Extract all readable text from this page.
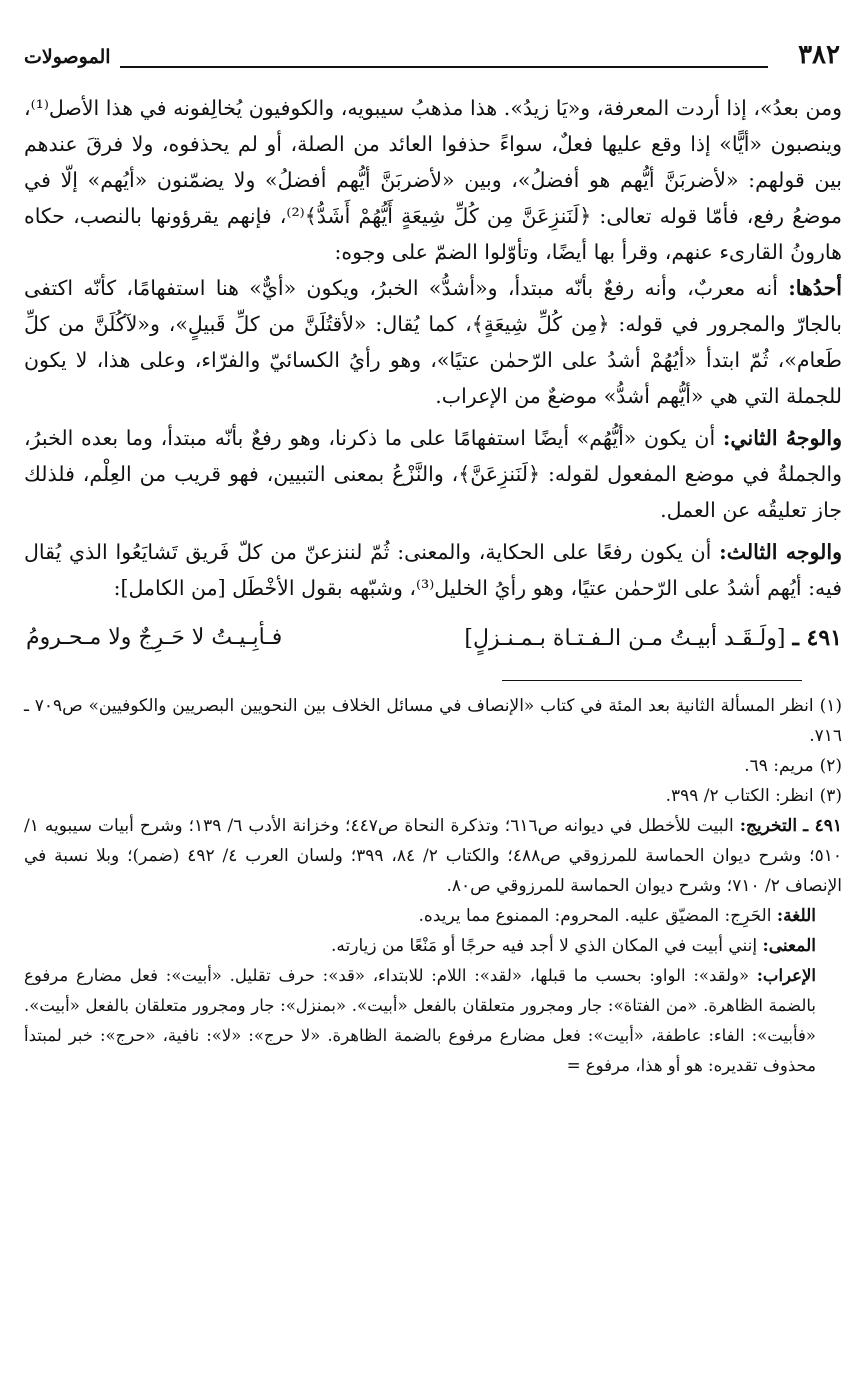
٣٨٢
الموصولات

ومن بعدُ»، إذا أردت المعرفة، و«يَا زيدُ». هذا مذهبُ سيبويه، والكوفيون يُخالِفونه في هذا الأصل⁽¹⁾، وينصبون «أيًّا» إذا وقع عليها فعلٌ، سواءً حذفوا العائد من الصلة، أو لم يحذفوه، ولا فرقَ عندهم بين قولهم: «لأضربَنَّ أيُّهم هو أفضلُ»، وبين «لأضربَنَّ أيُّهم أفضلُ» ولا يضمّنون «أيُهم» إلّا في موضعُ رفع، فأمّا قوله تعالى: ﴿لَنَنزِعَنَّ مِن كُلِّ شِيعَةٍ أَيُّهُمْ أَشَدُّ﴾⁽²⁾، فإنهم يقرؤونها بالنصب، حكاه هارونُ القارىء عنهم، وقرأ بها أيضًا، وتأوّلوا الضمّ على وجوه:

أحدُها: أنه معربٌ، وأنه رفعٌ بأنّه مبتدأ، و«أشدُّ» الخبرُ، ويكون «أيٌّ» هنا استفهامًا، كأنّه اكتفى بالجارّ والمجرور في قوله: ﴿مِن كُلِّ شِيعَةٍ﴾، كما يُقال: «لأقتُلَنَّ من كلِّ قَبيلٍ»، و«لآكُلَنَّ من كلِّ طَعام»، ثُمّ ابتدأ «أيُهُمْ أشدُ على الرّحمٰن عتيًا»، وهو رأيُ الكسائيّ والفرّاء، وعلى هذا، لا يكون للجملة التي هي «أيُّهم أشدُّ» موضعٌ من الإعراب.

والوجهُ الثاني: أن يكون «أيُّهُم» أيضًا استفهامًا على ما ذكرنا، وهو رفعٌ بأنّه مبتدأ، وما بعده الخبرُ، والجملةُ في موضع المفعول لقوله: ﴿لَنَنزِعَنَّ﴾، والنَّزْعُ بمعنى التبيين، فهو قريب من العِلْم، فلذلك جاز تعليقُه عن العمل.

والوجه الثالث: أن يكون رفعًا على الحكاية، والمعنى: ثُمّ لننزعنّ من كلّ فَريق تَشايَعُوا الذي يُقال فيه: أيُهم أشدُ على الرّحمٰن عتيًا، وهو رأيُ الخليل⁽³⁾، وشبّهه بقول الأخْطَل [من الكامل]:

٤٩١ ـ [ولَـقَـد أبيـتُ مـن الـفـتـاة بـمـنـزلٍ]
فـأبِـيـتُ لا حَـرِجٌ ولا مـحـرومُ

(١)انظر المسألة الثانية بعد المئة في كتاب «الإنصاف في مسائل الخلاف بين النحويين البصريين والكوفيين» ص٧٠٩ ـ ٧١٦.

(٢)مريم: ٦٩.

(٣)انظر: الكتاب ٢/ ٣٩٩.

٤٩١ ـ التخريج: البيت للأخطل في ديوانه ص٦١٦؛ وتذكرة النحاة ص٤٤٧؛ وخزانة الأدب ٦/ ١٣٩؛ وشرح أبيات سيبويه ١/ ٥١٠؛ وشرح ديوان الحماسة للمرزوقي ص٤٨٨؛ والكتاب ٢/ ٨٤، ٣٩٩؛ ولسان العرب ٤/ ٤٩٢ (ضمر)؛ وبلا نسبة في الإنصاف ٢/ ٧١٠؛ وشرح ديوان الحماسة للمرزوقي ص٨٠.

اللغة: الحَرِج: المضيّق عليه. المحروم: الممنوع مما يريده.

المعنى: إنني أبيت في المكان الذي لا أجد فيه حرجًا أو مَنْعًا من زيارته.

الإعراب: «ولقد»: الواو: بحسب ما قبلها، «لقد»: اللام: للابتداء، «قد»: حرف تقليل. «أبيت»: فعل مضارع مرفوع بالضمة الظاهرة. «من الفتاة»: جار ومجرور متعلقان بالفعل «أبيت». «بمنزل»: جار ومجرور متعلقان بالفعل «أبيت». «فأبيت»: الفاء: عاطفة، «أبيت»: فعل مضارع مرفوع بالضمة الظاهرة. «لا حرج»: «لا»: نافية، «حرج»: خبر لمبتدأ محذوف تقديره: هو أو هذا، مرفوع =
